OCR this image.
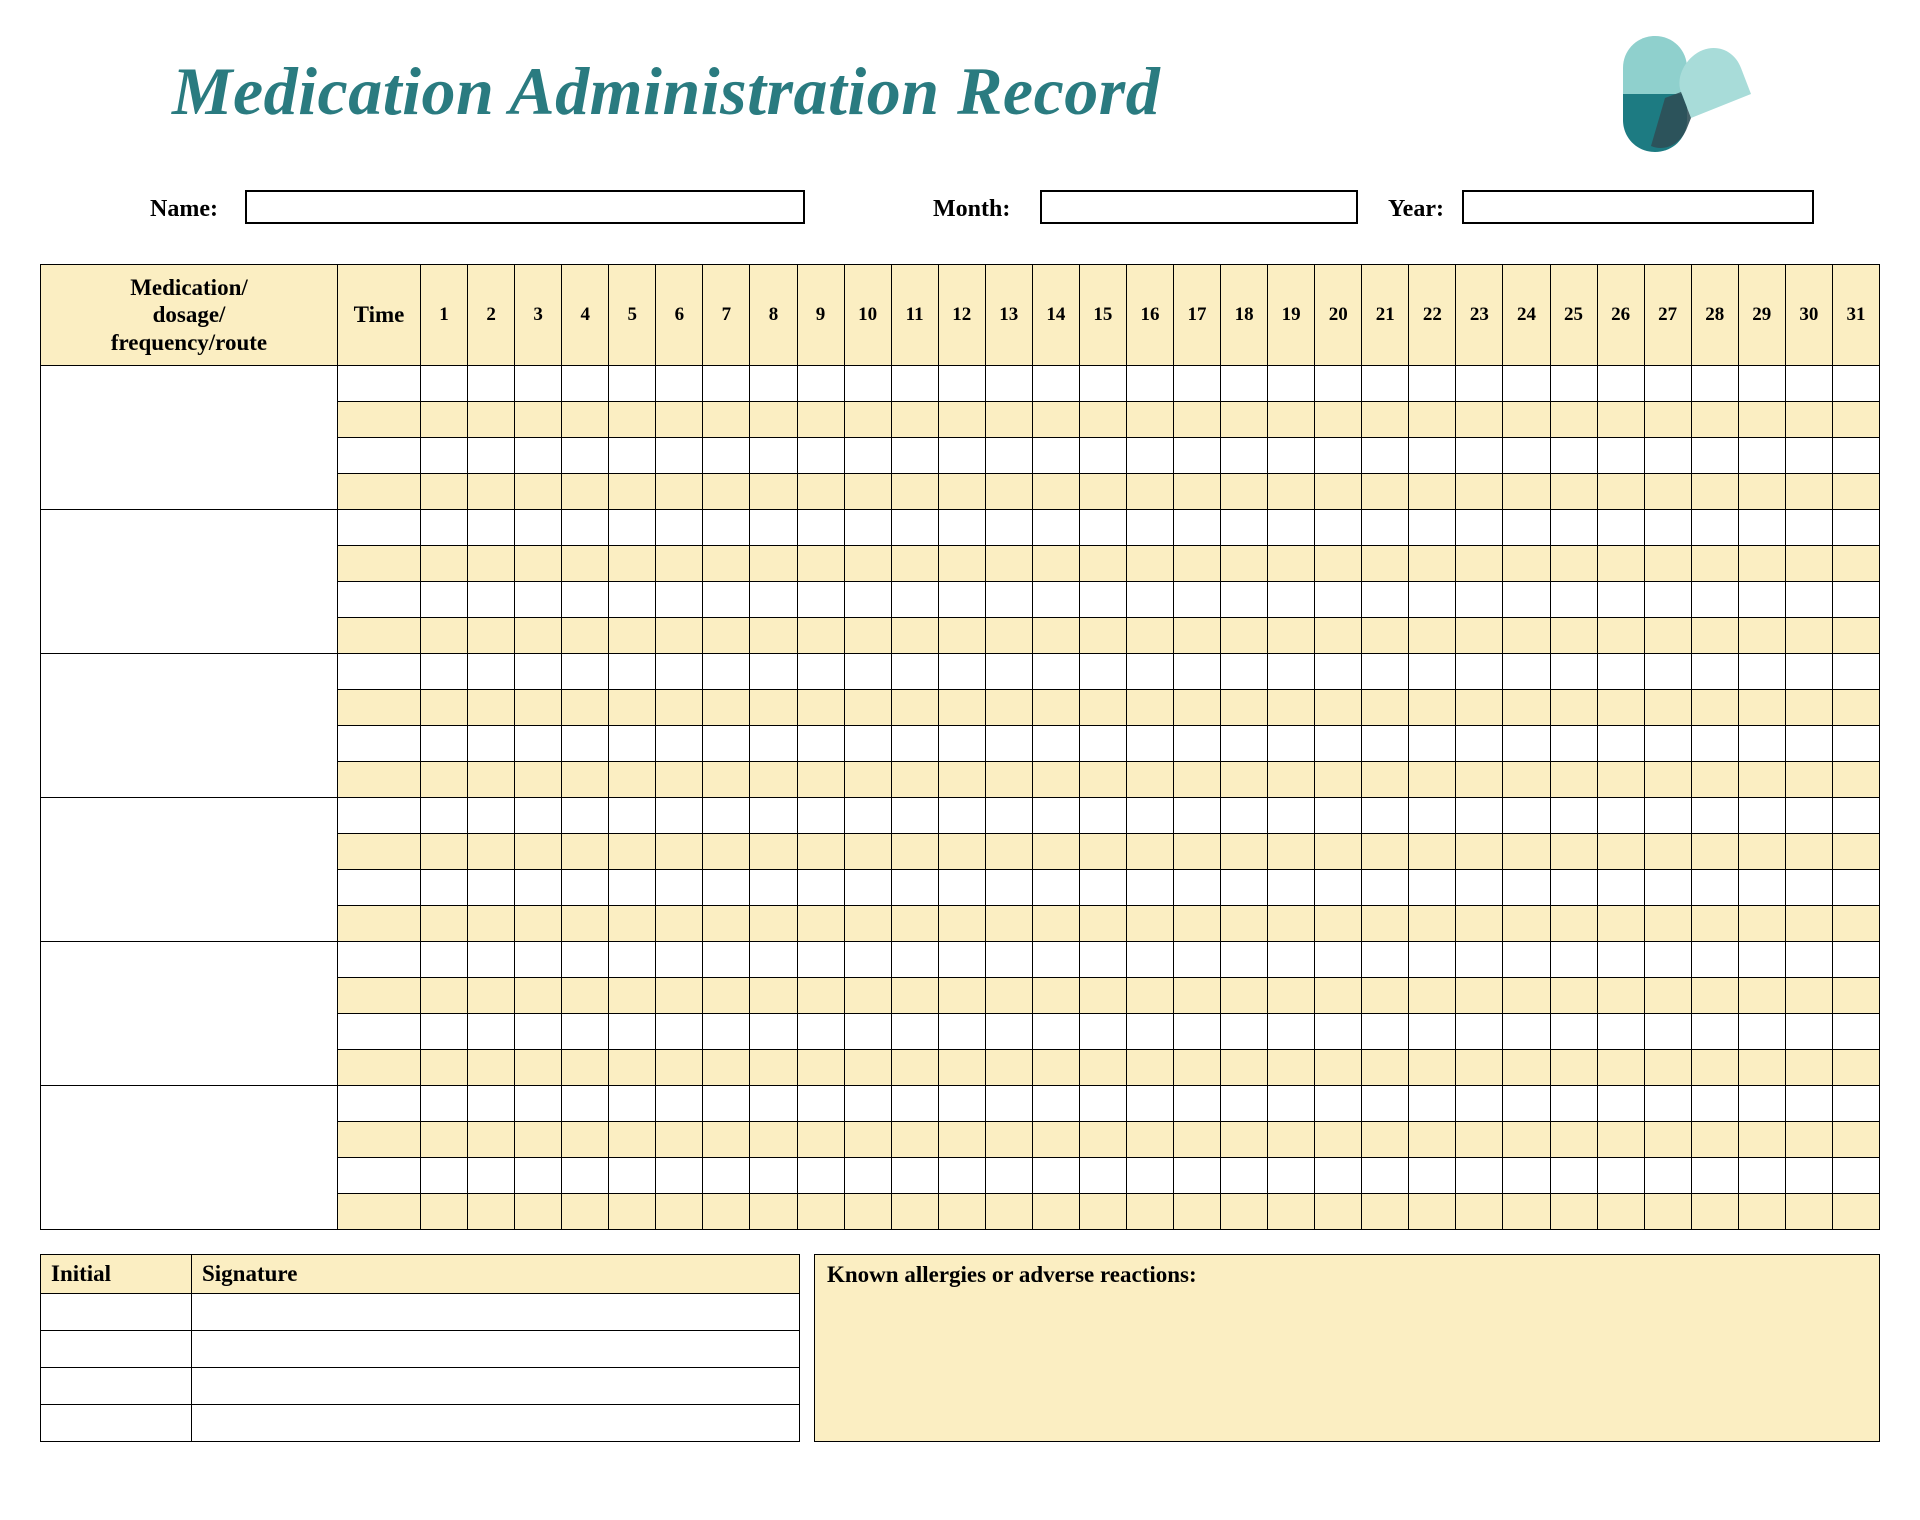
Medication Administration Record
Name:	Month:	Year:
Medication/
dosage/
frequency/route	Time	1	2	3	4	5	6	7	8	9	10	11	12	13	14	15	16	17	18	19	20	21	22	23	24	25	26	27	28	29	30	31

Initial	Signature

		Known allergies or adverse reactions:
